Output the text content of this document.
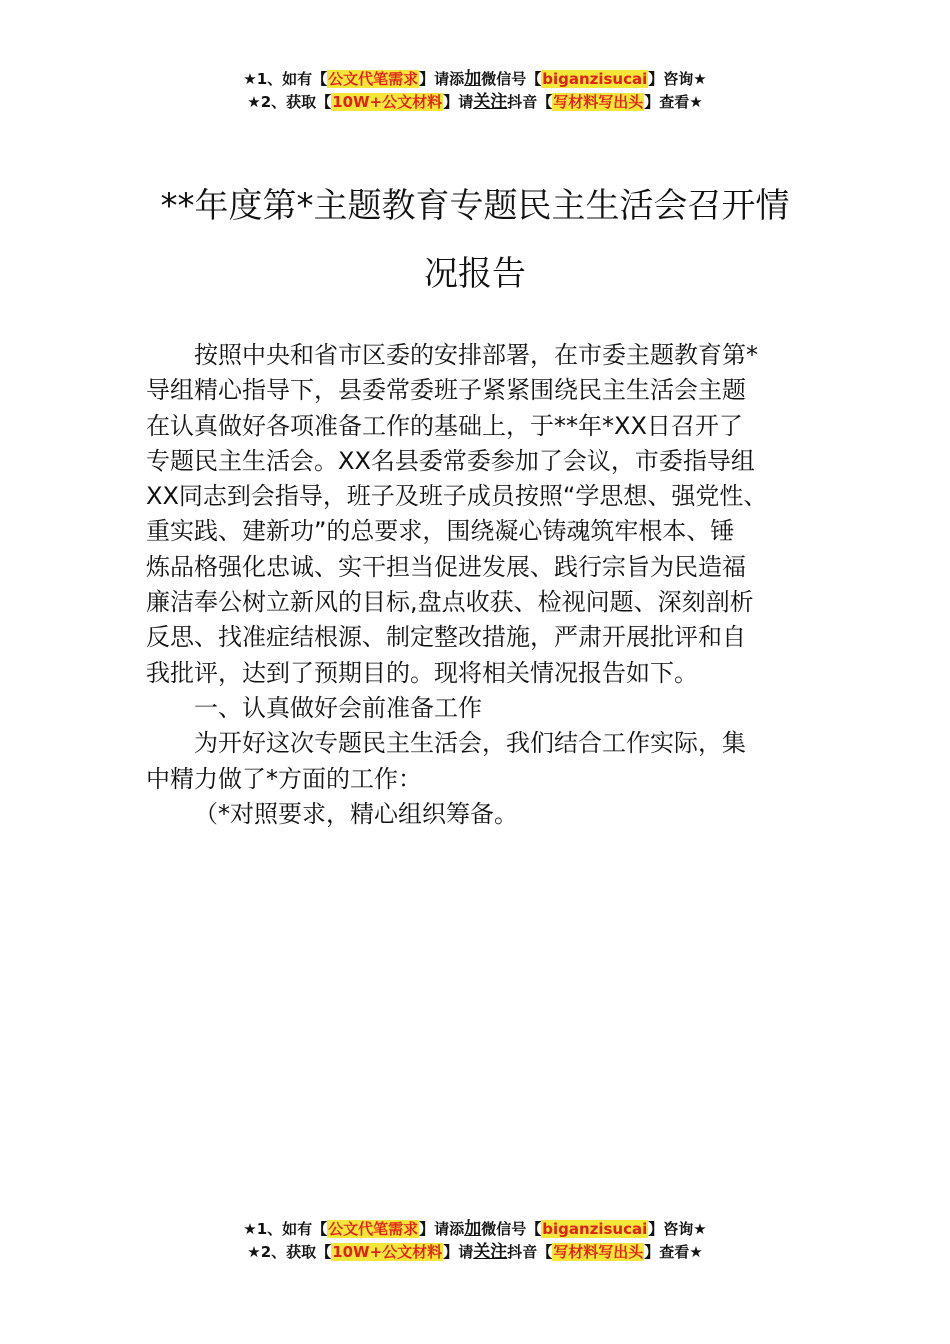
★1、如有【公文代笔需求】请添加微信号【biganzisucai】咨询★
★2、获取【10W+公文材料】请关注抖音【写材料写出头】查看★
**年度第*主题教育专题民主生活会召开情
况报告
按照中央和省市区委的安排部署，在市委主题教育第*
导组精心指导下，县委常委班子紧紧围绕民主生活会主题
在认真做好各项准备工作的基础上，于**年*XX日召开了
专题民主生活会。XX名县委常委参加了会议，市委指导组
XX同志到会指导，班子及班子成员按照“学思想、强党性、
重实践、建新功”的总要求，围绕凝心铸魂筑牢根本、锤
炼品格强化忠诚、实干担当促进发展、践行宗旨为民造福
廉洁奉公树立新风的目标,盘点收获、检视问题、深刻剖析
反思、找准症结根源、制定整改措施，严肃开展批评和自
我批评，达到了预期目的。现将相关情况报告如下。
一、认真做好会前准备工作
为开好这次专题民主生活会，我们结合工作实际，集
中精力做了*方面的工作：
（*对照要求，精心组织筹备。
★1、如有【公文代笔需求】请添加微信号【biganzisucai】咨询★
★2、获取【10W+公文材料】请关注抖音【写材料写出头】查看★
